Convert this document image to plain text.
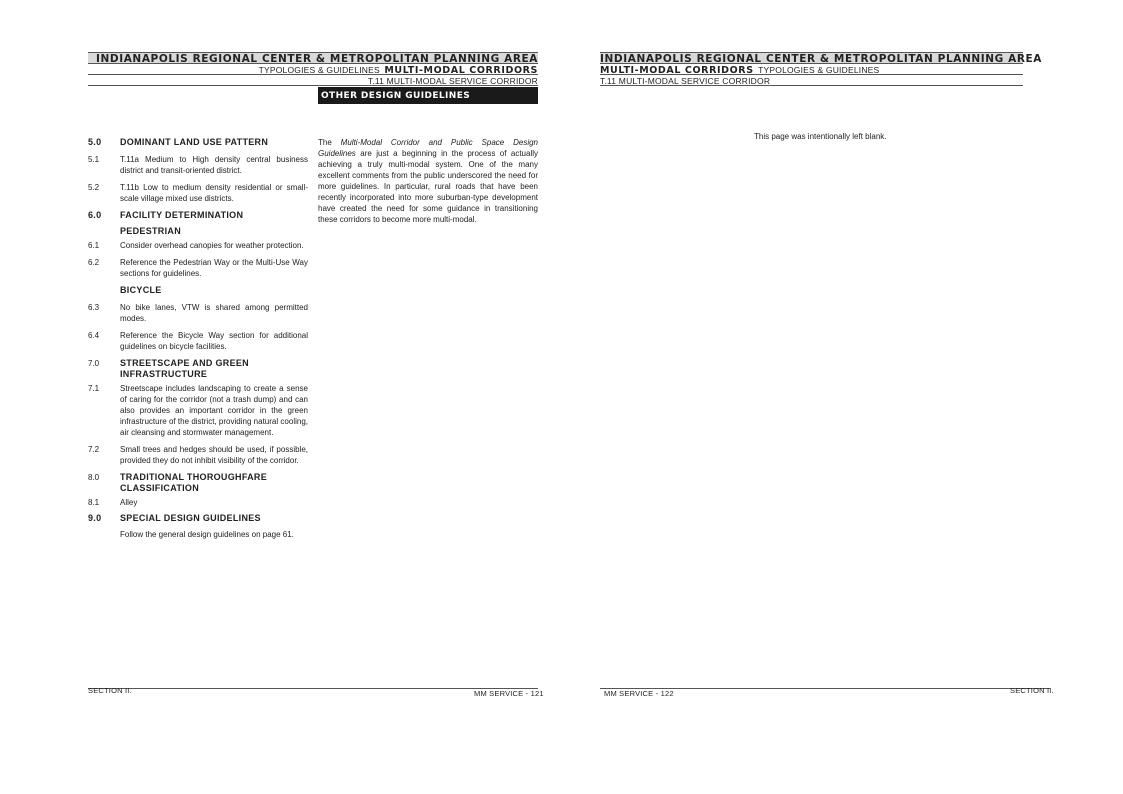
INDIANAPOLIS REGIONAL CENTER & METROPOLITAN PLANNING AREA
TYPOLOGIES & GUIDELINES MULTI-MODAL CORRIDORS
T.11 MULTI-MODAL SERVICE CORRIDOR
OTHER DESIGN GUIDELINES
5.0	DOMINANT LAND USE PATTERN
5.1	T.11a Medium to High density central business district and transit-oriented district.
5.2	T.11b Low to medium density residential or small-scale village mixed use districts.
6.0	FACILITY DETERMINATION
PEDESTRIAN
6.1	Consider overhead canopies for weather protection.
6.2	Reference the Pedestrian Way or the Multi-Use Way sections for guidelines.
BICYCLE
6.3	No bike lanes, VTW is shared among permitted modes.
6.4	Reference the Bicycle Way section for additional guidelines on bicycle facilities.
7.0	STREETSCAPE AND GREEN INFRASTRUCTURE
7.1	Streetscape includes landscaping to create a sense of caring for the corridor (not a trash dump) and can also provides an important corridor in the green infrastructure of the district, providing natural cooling, air cleansing and stormwater management.
7.2	Small trees and hedges should be used, if possible, provided they do not inhibit visibility of the corridor.
8.0	TRADITIONAL THOROUGHFARE CLASSIFICATION
8.1	Alley
9.0	SPECIAL DESIGN GUIDELINES
Follow the general design guidelines on page 61.
The Multi-Modal Corridor and Public Space Design Guidelines are just a beginning in the process of actually achieving a truly multi-modal system. One of the many excellent comments from the public underscored the need for more guidelines. In particular, rural roads that have been recently incorporated into more suburban-type development have created the need for some guidance in transitioning these corridors to become more multi-modal.
SECTION II.	MM SERVICE - 121
INDIANAPOLIS REGIONAL CENTER & METROPOLITAN PLANNING AREA
MULTI-MODAL CORRIDORS TYPOLOGIES & GUIDELINES
T.11 MULTI-MODAL SERVICE CORRIDOR
This page was intentionally left blank.
MM SERVICE - 122	SECTION II.
